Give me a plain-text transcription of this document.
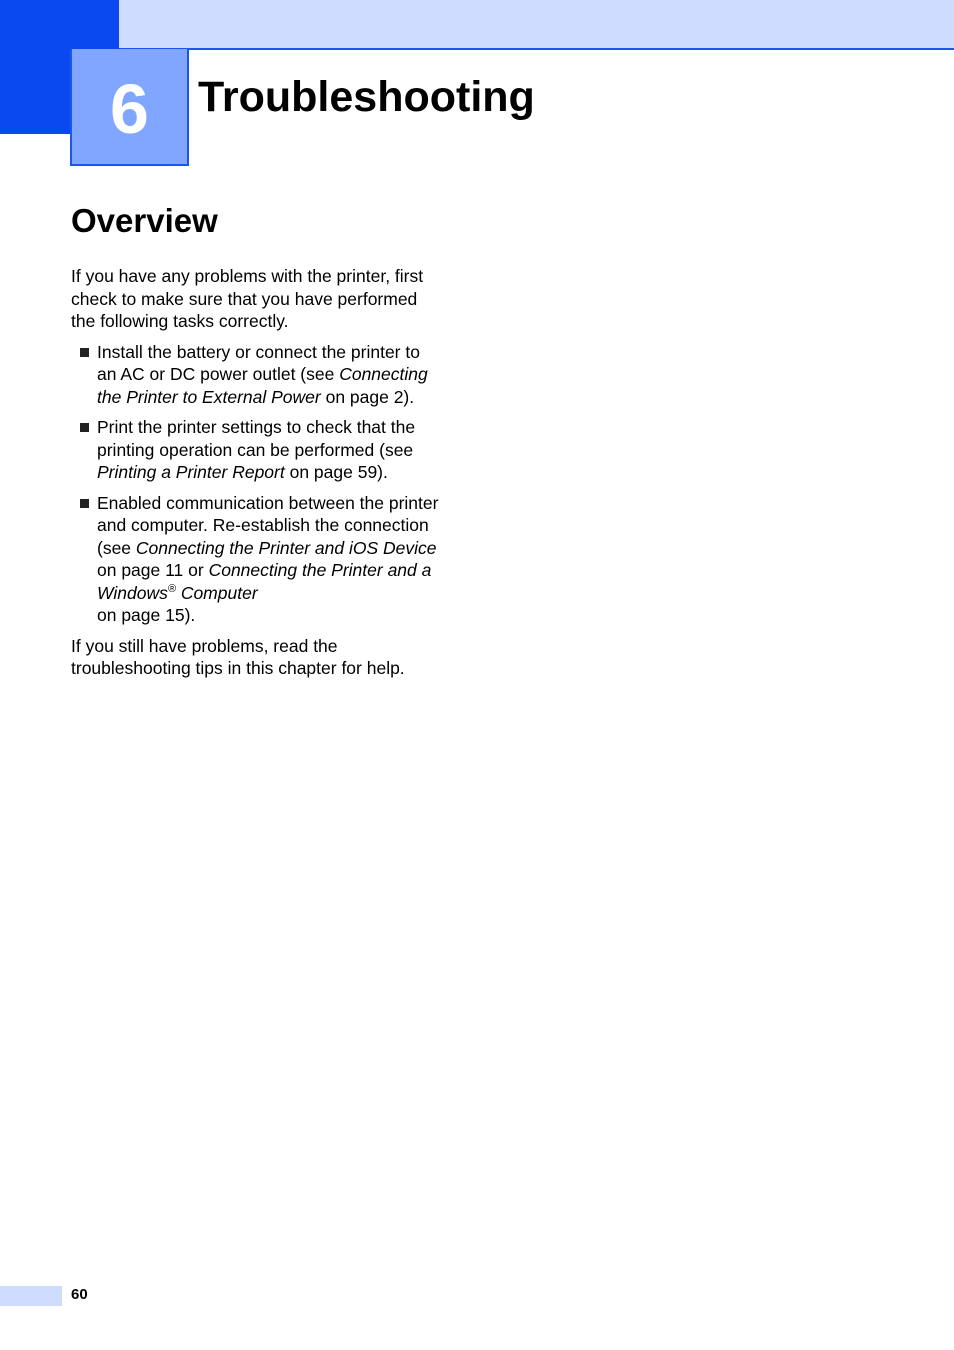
6 Troubleshooting
Overview

If you have any problems with the printer, first check to make sure that you have performed the following tasks correctly.

Install the battery or connect the printer to an AC or DC power outlet (see Connecting the Printer to External Power on page 2).
Print the printer settings to check that the printing operation can be performed (see Printing a Printer Report on page 59).
Enabled communication between the printer and computer. Re-establish the connection (see Connecting the Printer and iOS Device on page 11 or Connecting the Printer and a Windows® Computer
on page 15).

If you still have problems, read the troubleshooting tips in this chapter for help.

60
